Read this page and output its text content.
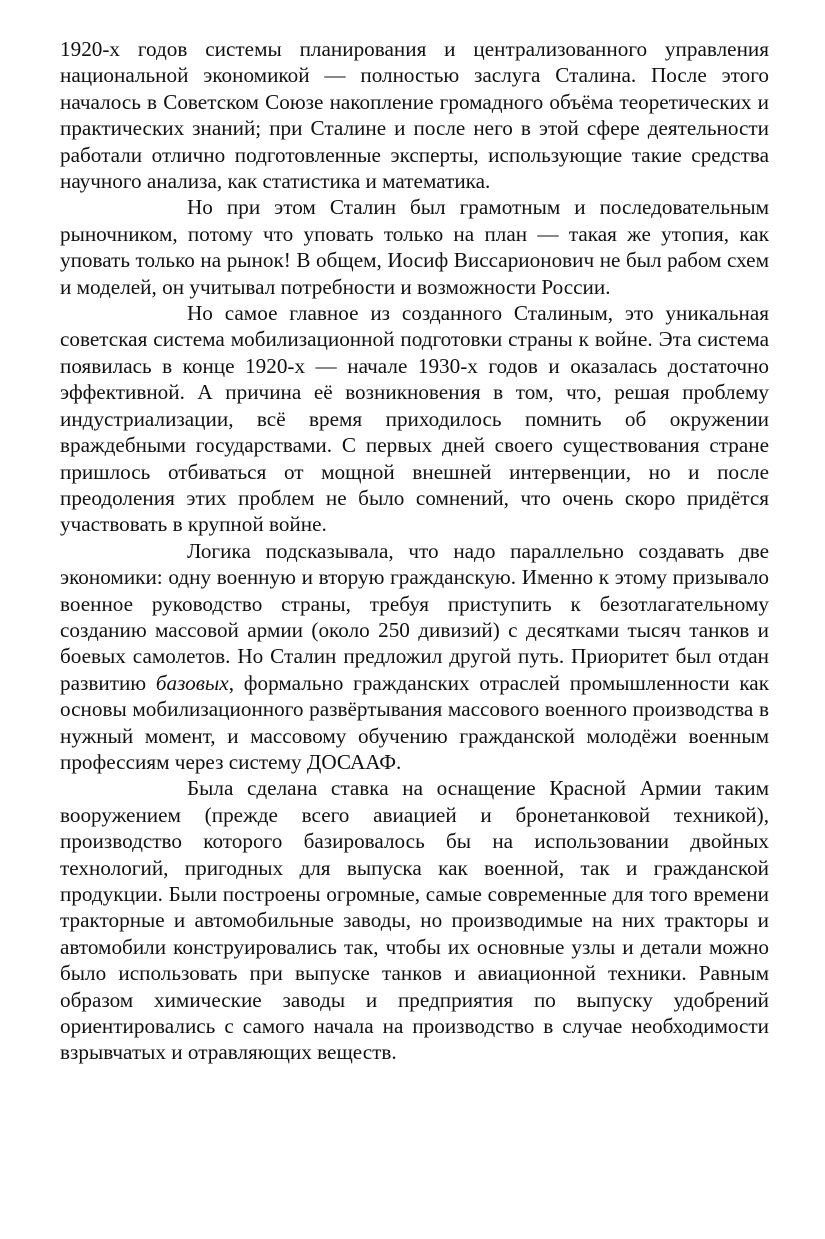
1920-х годов системы планирования и централизованного управления национальной экономикой — полностью заслуга Сталина. После этого началось в Советском Союзе накопление громадного объёма теоретических и практических знаний; при Сталине и после него в этой сфере деятельности работали отлично подготовленные эксперты, использующие такие средства научного анализа, как статистика и математика.

Но при этом Сталин был грамотным и последовательным рыночником, потому что уповать только на план — такая же утопия, как уповать только на рынок! В общем, Иосиф Виссарионович не был рабом схем и моделей, он учитывал потребности и возможности России.

Но самое главное из созданного Сталиным, это уникальная советская система мобилизационной подготовки страны к войне. Эта система появилась в конце 1920-х — начале 1930-х годов и оказалась достаточно эффективной. А причина её возникновения в том, что, решая проблему индустриализации, всё время приходилось помнить об окружении враждебными государствами. С первых дней своего существования стране пришлось отбиваться от мощной внешней интервенции, но и после преодоления этих проблем не было сомнений, что очень скоро придётся участвовать в крупной войне.

Логика подсказывала, что надо параллельно создавать две экономики: одну военную и вторую гражданскую. Именно к этому призывало военное руководство страны, требуя приступить к безотлагательному созданию массовой армии (около 250 дивизий) с десятками тысяч танков и боевых самолетов. Но Сталин предложил другой путь. Приоритет был отдан развитию базовых, формально гражданских отраслей промышленности как основы мобилизационного развёртывания массового военного производства в нужный момент, и массовому обучению гражданской молодёжи военным профессиям через систему ДОСААФ.

Была сделана ставка на оснащение Красной Армии таким вооружением (прежде всего авиацией и бронетанковой техникой), производство которого базировалось бы на использовании двойных технологий, пригодных для выпуска как военной, так и гражданской продукции. Были построены огромные, самые современные для того времени тракторные и автомобильные заводы, но производимые на них тракторы и автомобили конструировались так, чтобы их основные узлы и детали можно было использовать при выпуске танков и авиационной техники. Равным образом химические заводы и предприятия по выпуску удобрений ориентировались с самого начала на производство в случае необходимости взрывчатых и отравляющих веществ.
